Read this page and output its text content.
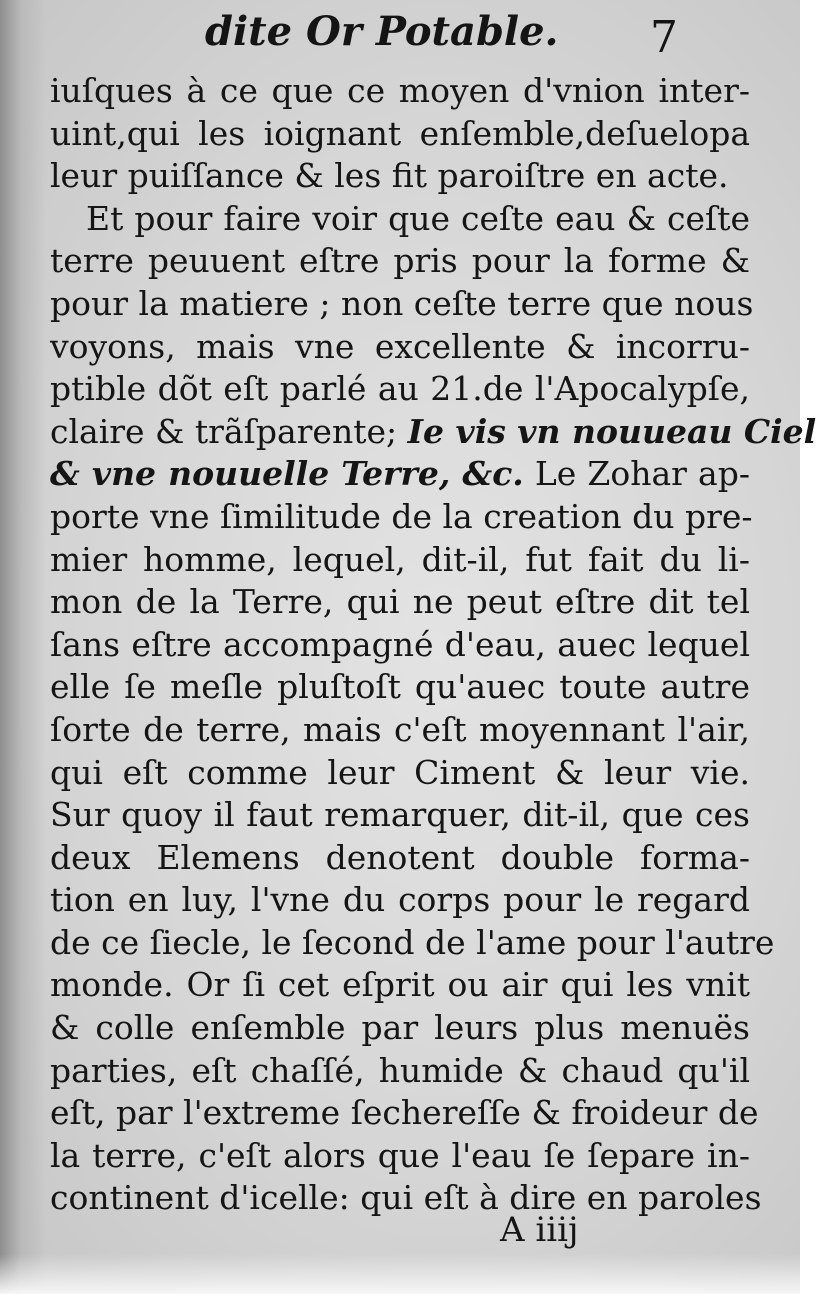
dite Or Potable. 7
iuſques à ce que ce moyen d'vnion inter-
uint,qui les ioignant enſemble,deſuelopa
leur puiſſance & les fit paroiſtre en acte.
Et pour faire voir que ceſte eau & ceſte
terre peuuent eſtre pris pour la forme &
pour la matiere ; non ceſte terre que nous
voyons, mais vne excellente & incorru-
ptible dõt eſt parlé au 21.de l'Apocalypſe,
claire & trãſparente; Ie vis vn nouueau Ciel
& vne nouuelle Terre, &c. Le Zohar ap-
porte vne ſimilitude de la creation du pre-
mier homme, lequel, dit-il, fut fait du li-
mon de la Terre, qui ne peut eſtre dit tel
ſans eſtre accompagné d'eau, auec lequel
elle ſe meſle pluſtoſt qu'auec toute autre
ſorte de terre, mais c'eſt moyennant l'air,
qui eſt comme leur Ciment & leur vie.
Sur quoy il faut remarquer, dit-il, que ces
deux Elemens denotent double forma-
tion en luy, l'vne du corps pour le regard
de ce ſiecle, le ſecond de l'ame pour l'autre
monde. Or ſi cet eſprit ou air qui les vnit
& colle enſemble par leurs plus menuës
parties, eſt chaſſé, humide & chaud qu'il
eſt, par l'extreme ſechereſſe & froideur de
la terre, c'eſt alors que l'eau ſe ſepare in-
continent d'icelle: qui eſt à dire en paroles
A iiij
